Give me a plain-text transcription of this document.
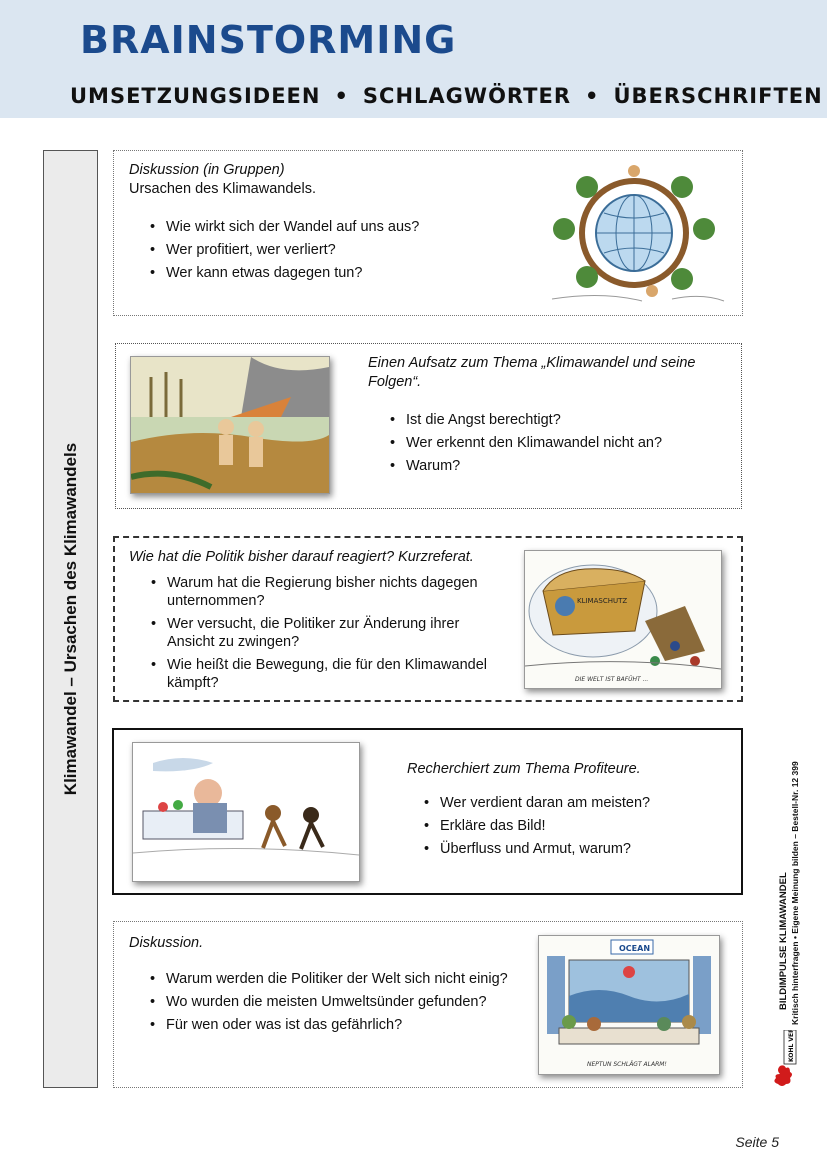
BRAINSTORMING
UMSETZUNGSIDEEN • SCHLAGWÖRTER • ÜBERSCHRIFTEN
Klimawandel – Ursachen des Klimawandels
Diskussion (in Gruppen)
Ursachen des Klimawandels.
• Wie wirkt sich der Wandel auf uns aus?
• Wer profitiert, wer verliert?
• Wer kann etwas dagegen tun?
Einen Aufsatz zum Thema „Klimawandel und seine Folgen“.
• Ist die Angst berechtigt?
• Wer erkennt den Klimawandel nicht an?
• Warum?
Wie hat die Politik bisher darauf reagiert? Kurzreferat.
• Warum hat die Regierung bisher nichts dagegen unternommen?
• Wer versucht, die Politiker zur Änderung ihrer Ansicht zu zwingen?
• Wie heißt die Bewegung, die für den Klimawandel kämpft?
KLIMASCHUTZ
DIE WELT IST BAFÜHT ...
Recherchiert zum Thema Profiteure.
• Wer verdient daran am meisten?
• Erkläre das Bild!
• Überfluss und Armut, warum?
Diskussion.
• Warum werden die Politiker der Welt sich nicht einig?
• Wo wurden die meisten Umweltsünder gefunden?
• Für wen oder was ist das gefährlich?
OCEAN
NEPTUN SCHLÄGT ALARM!
BILDIMPULSE KLIMAWANDEL Kritisch hinterfragen • Eigene Meinung bilden – Bestell-Nr. 12 399
KOHL VERLAG
Seite 5
